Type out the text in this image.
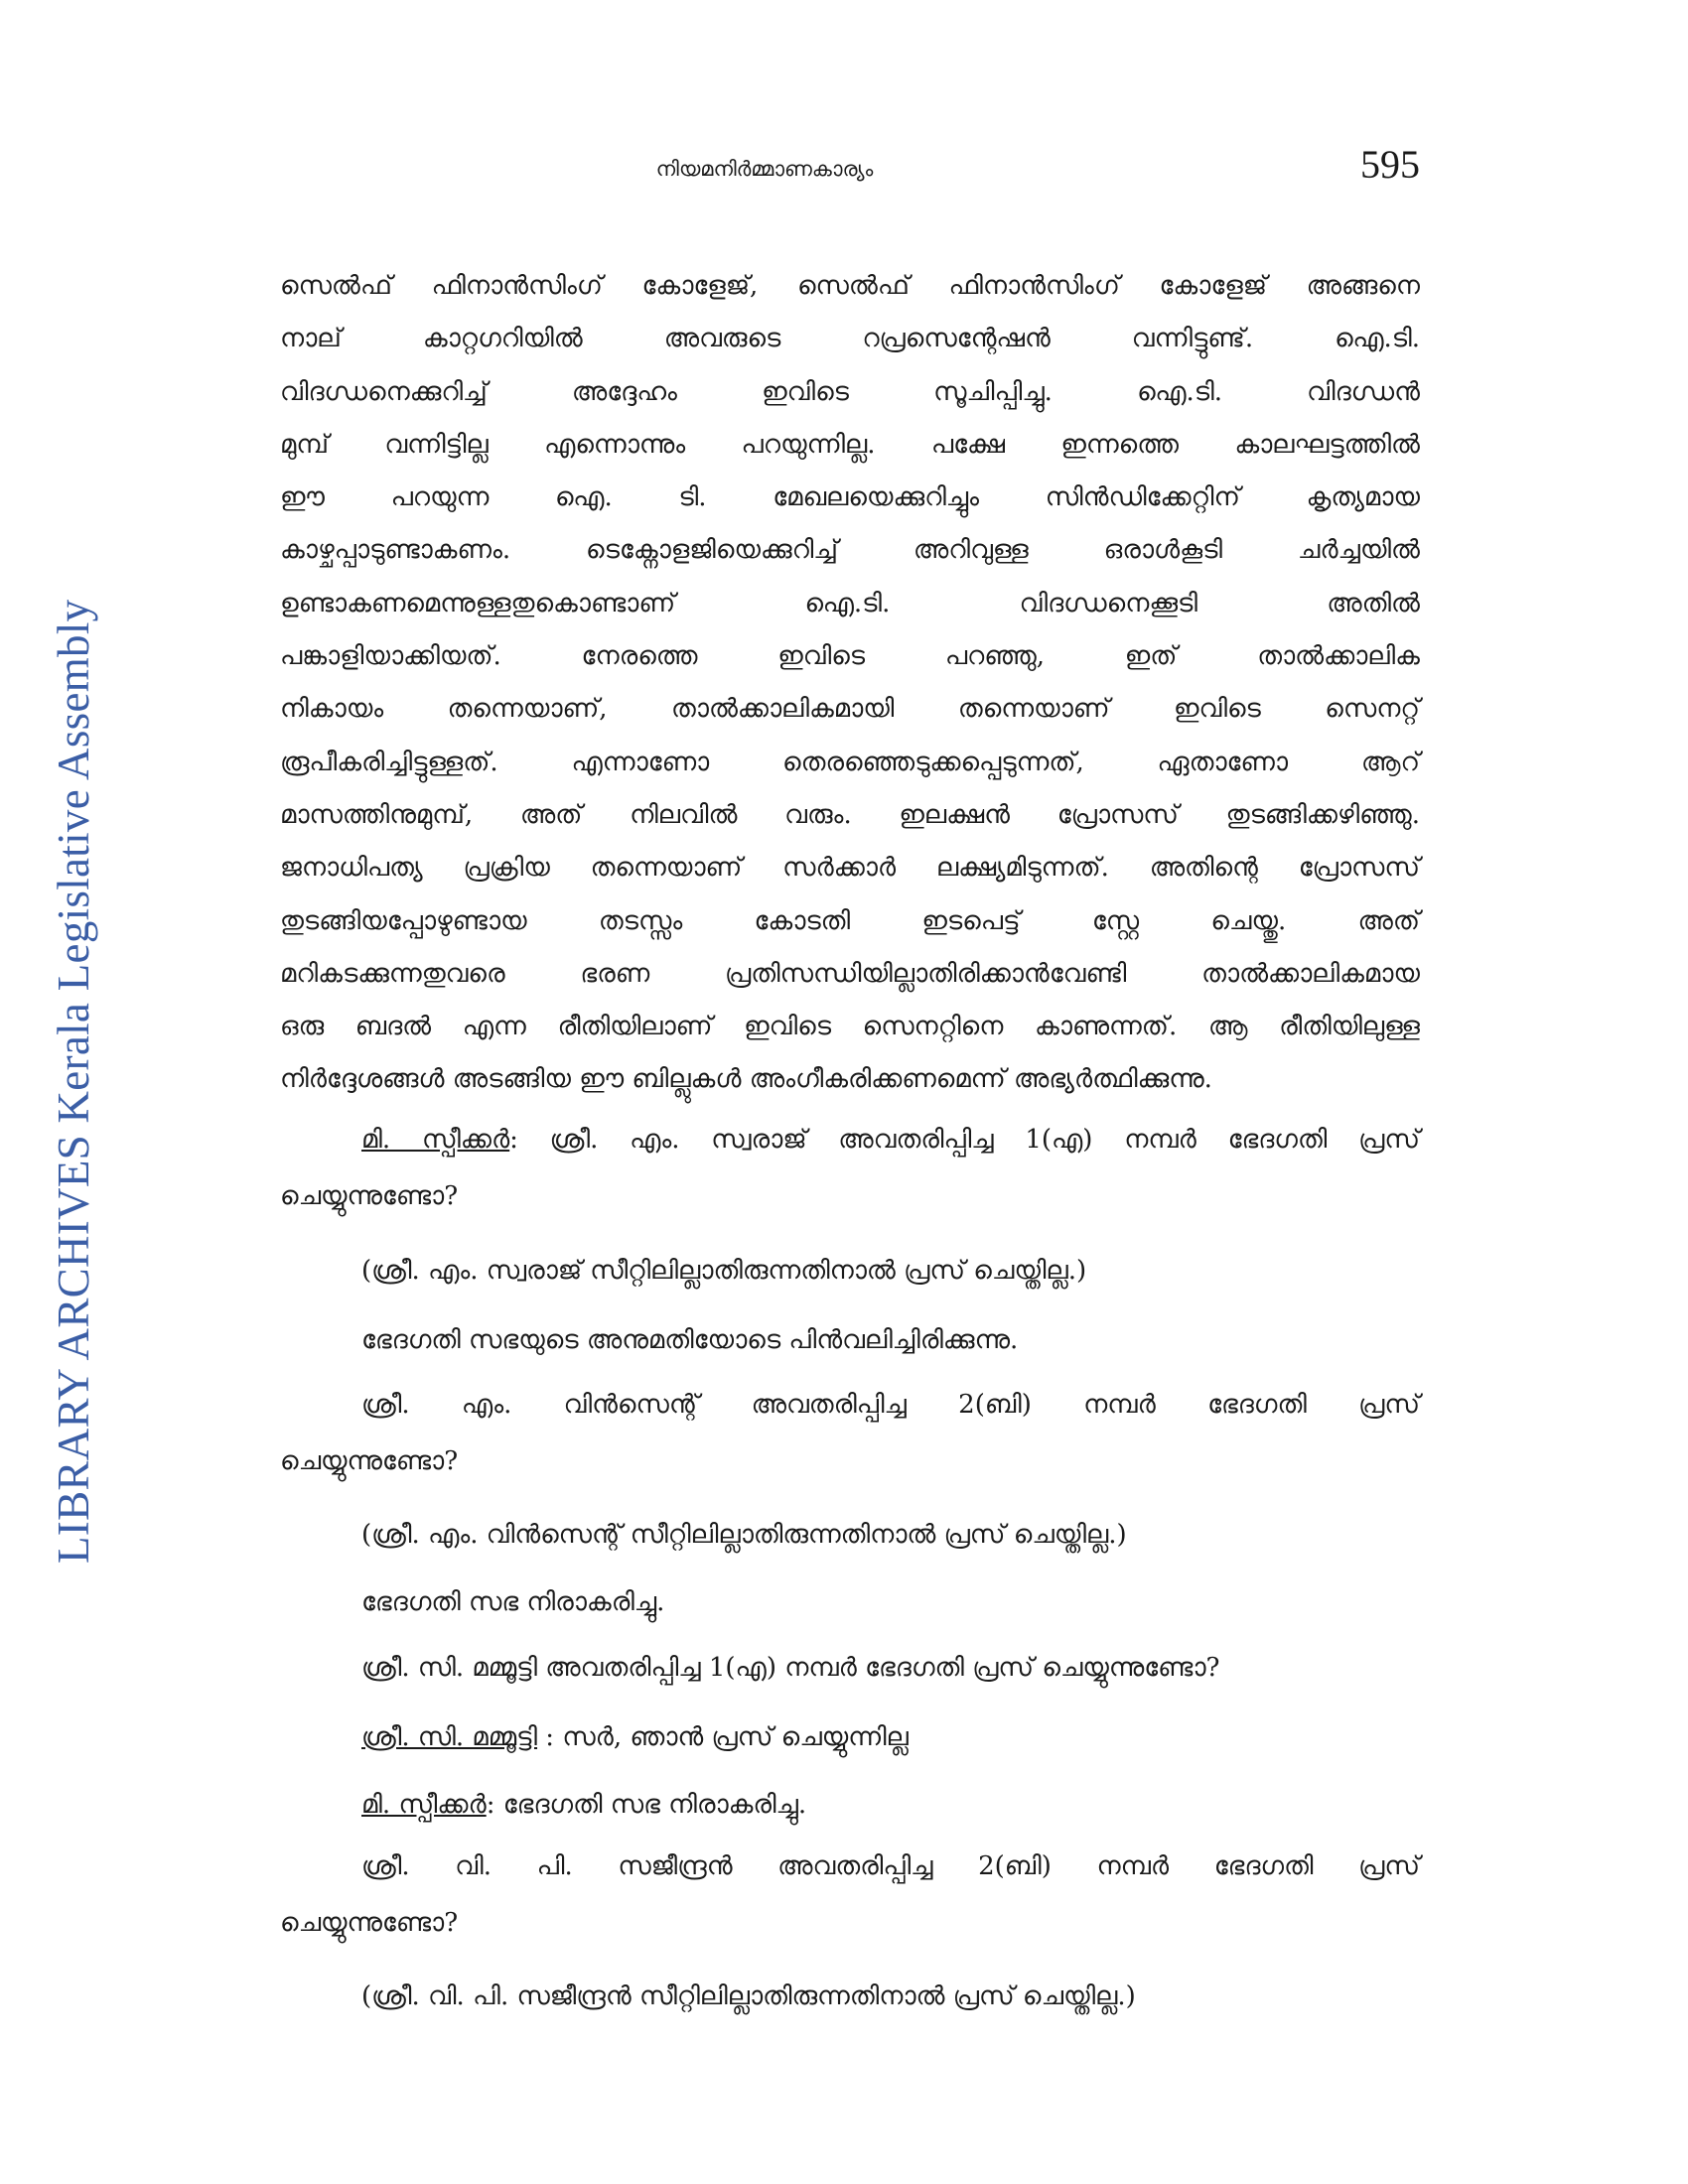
LIBRARY ARCHIVES Kerala Legislative Assembly
നിയമനിർമ്മാണകാര്യം	595

സെൽഫ് ഫിനാൻസിംഗ് കോളേജ്, സെൽഫ് ഫിനാൻസിംഗ് കോളേജ് അങ്ങനെ

നാല് കാറ്റഗറിയിൽ അവരുടെ റപ്രസെന്റേഷൻ വന്നിട്ടുണ്ട്. ഐ.ടി.

വിദഗ്ധനെക്കുറിച്ച് അദ്ദേഹം ഇവിടെ സൂചിപ്പിച്ചു. ഐ.ടി. വിദഗ്ധൻ

മുമ്പ് വന്നിട്ടില്ല എന്നൊന്നും പറയുന്നില്ല. പക്ഷേ ഇന്നത്തെ കാലഘട്ടത്തിൽ

ഈ പറയുന്ന ഐ. ടി. മേഖലയെക്കുറിച്ചും സിൻഡിക്കേറ്റിന് കൃത്യമായ

കാഴ്ചപ്പാടുണ്ടാകണം. ടെക്നോളജിയെക്കുറിച്ച് അറിവുള്ള ഒരാൾകൂടി ചർച്ചയിൽ

ഉണ്ടാകണമെന്നുള്ളതുകൊണ്ടാണ് ഐ.ടി. വിദഗ്ധനെക്കൂടി അതിൽ

പങ്കാളിയാക്കിയത്. നേരത്തെ ഇവിടെ പറഞ്ഞു, ഇത് താൽക്കാലിക

നികായം തന്നെയാണ്, താൽക്കാലികമായി തന്നെയാണ് ഇവിടെ സെനറ്റ്

രൂപീകരിച്ചിട്ടുള്ളത്. എന്നാണോ തെരഞ്ഞെടുക്കപ്പെടുന്നത്, ഏതാണോ ആറ്

മാസത്തിനുമുമ്പ്, അത് നിലവിൽ വരും. ഇലക്ഷൻ പ്രോസസ് തുടങ്ങിക്കഴിഞ്ഞു.

ജനാധിപത്യ പ്രക്രിയ തന്നെയാണ് സർക്കാർ ലക്ഷ്യമിടുന്നത്. അതിന്റെ പ്രോസസ്

തുടങ്ങിയപ്പോഴുണ്ടായ തടസ്സം കോടതി ഇടപെട്ട് സ്റ്റേ ചെയ്തു. അത്

മറികടക്കുന്നതുവരെ ഭരണ പ്രതിസന്ധിയില്ലാതിരിക്കാൻവേണ്ടി താൽക്കാലികമായ

ഒരു ബദൽ എന്ന രീതിയിലാണ് ഇവിടെ സെനറ്റിനെ കാണുന്നത്. ആ രീതിയിലുള്ള

നിർദ്ദേശങ്ങൾ അടങ്ങിയ ഈ ബില്ലുകൾ അംഗീകരിക്കണമെന്ന് അഭ്യർത്ഥിക്കുന്നു.

മി. സ്പീക്കർ: ശ്രീ. എം. സ്വരാജ് അവതരിപ്പിച്ച 1(എ) നമ്പർ ഭേദഗതി പ്രസ്

ചെയ്യുന്നുണ്ടോ?

(ശ്രീ. എം. സ്വരാജ് സീറ്റിലില്ലാതിരുന്നതിനാൽ പ്രസ് ചെയ്തില്ല.)

ഭേദഗതി സഭയുടെ അനുമതിയോടെ പിൻവലിച്ചിരിക്കുന്നു.

ശ്രീ. എം. വിൻസെന്റ് അവതരിപ്പിച്ച 2(ബി) നമ്പർ ഭേദഗതി പ്രസ്

ചെയ്യുന്നുണ്ടോ?

(ശ്രീ. എം. വിൻസെന്റ് സീറ്റിലില്ലാതിരുന്നതിനാൽ പ്രസ് ചെയ്തില്ല.)

ഭേദഗതി സഭ നിരാകരിച്ചു.

ശ്രീ. സി. മമ്മൂട്ടി അവതരിപ്പിച്ച 1(എ) നമ്പർ ഭേദഗതി പ്രസ് ചെയ്യുന്നുണ്ടോ?

ശ്രീ. സി. മമ്മൂട്ടി : സർ, ഞാൻ പ്രസ് ചെയ്യുന്നില്ല

മി. സ്പീക്കർ: ഭേദഗതി സഭ നിരാകരിച്ചു.

ശ്രീ. വി. പി. സജീന്ദ്രൻ അവതരിപ്പിച്ച 2(ബി) നമ്പർ ഭേദഗതി പ്രസ്

ചെയ്യുന്നുണ്ടോ?

(ശ്രീ. വി. പി. സജീന്ദ്രൻ സീറ്റിലില്ലാതിരുന്നതിനാൽ പ്രസ് ചെയ്തില്ല.)
